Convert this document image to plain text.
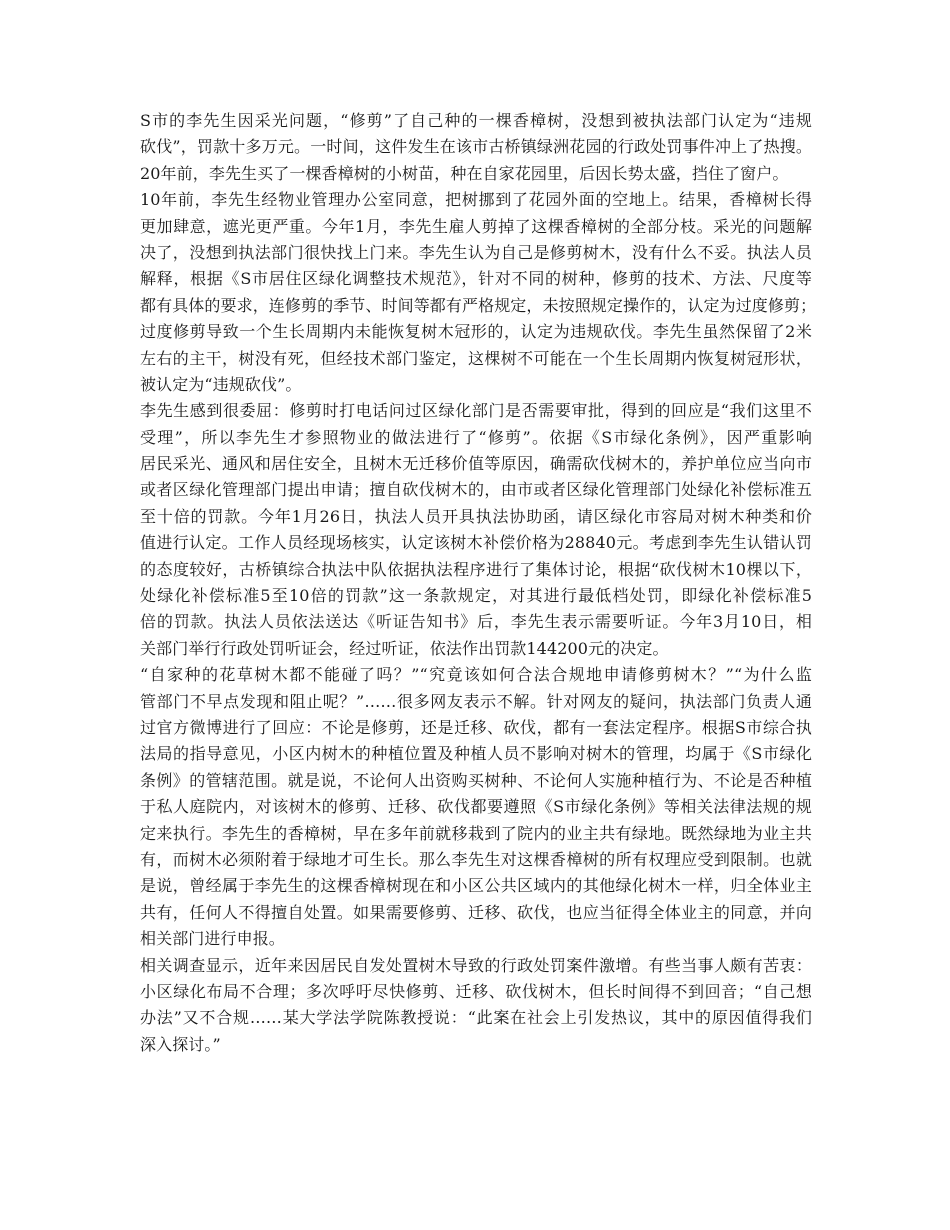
S市的李先生因采光问题，“修剪”了自己种的一棵香樟树，没想到被执法部门认定为“违规
砍伐”，罚款十多万元。一时间，这件发生在该市古桥镇绿洲花园的行政处罚事件冲上了热搜。
20年前，李先生买了一棵香樟树的小树苗，种在自家花园里，后因长势太盛，挡住了窗户。
10年前，李先生经物业管理办公室同意，把树挪到了花园外面的空地上。结果，香樟树长得
更加肆意，遮光更严重。今年1月，李先生雇人剪掉了这棵香樟树的全部分枝。采光的问题解
决了，没想到执法部门很快找上门来。李先生认为自己是修剪树木，没有什么不妥。执法人员
解释，根据《S市居住区绿化调整技术规范》，针对不同的树种，修剪的技术、方法、尺度等
都有具体的要求，连修剪的季节、时间等都有严格规定，未按照规定操作的，认定为过度修剪；
过度修剪导致一个生长周期内未能恢复树木冠形的，认定为违规砍伐。李先生虽然保留了2米
左右的主干，树没有死，但经技术部门鉴定，这棵树不可能在一个生长周期内恢复树冠形状，
被认定为“违规砍伐”。
李先生感到很委屈：修剪时打电话问过区绿化部门是否需要审批，得到的回应是“我们这里不
受理”，所以李先生才参照物业的做法进行了“修剪”。依据《S市绿化条例》，因严重影响
居民采光、通风和居住安全，且树木无迁移价值等原因，确需砍伐树木的，养护单位应当向市
或者区绿化管理部门提出申请；擅自砍伐树木的，由市或者区绿化管理部门处绿化补偿标准五
至十倍的罚款。今年1月26日，执法人员开具执法协助函，请区绿化市容局对树木种类和价
值进行认定。工作人员经现场核实，认定该树木补偿价格为28840元。考虑到李先生认错认罚
的态度较好，古桥镇综合执法中队依据执法程序进行了集体讨论，根据“砍伐树木10棵以下，
处绿化补偿标准5至10倍的罚款”这一条款规定，对其进行最低档处罚，即绿化补偿标准5
倍的罚款。执法人员依法送达《听证告知书》后，李先生表示需要听证。今年3月10日，相
关部门举行行政处罚听证会，经过听证，依法作出罚款144200元的决定。
“自家种的花草树木都不能碰了吗？”“究竟该如何合法合规地申请修剪树木？”“为什么监
管部门不早点发现和阻止呢？”……很多网友表示不解。针对网友的疑问，执法部门负责人通
过官方微博进行了回应：不论是修剪，还是迁移、砍伐，都有一套法定程序。根据S市综合执
法局的指导意见，小区内树木的种植位置及种植人员不影响对树木的管理，均属于《S市绿化
条例》的管辖范围。就是说，不论何人出资购买树种、不论何人实施种植行为、不论是否种植
于私人庭院内，对该树木的修剪、迁移、砍伐都要遵照《S市绿化条例》等相关法律法规的规
定来执行。李先生的香樟树，早在多年前就移栽到了院内的业主共有绿地。既然绿地为业主共
有，而树木必须附着于绿地才可生长。那么李先生对这棵香樟树的所有权理应受到限制。也就
是说，曾经属于李先生的这棵香樟树现在和小区公共区域内的其他绿化树木一样，归全体业主
共有，任何人不得擅自处置。如果需要修剪、迁移、砍伐，也应当征得全体业主的同意，并向
相关部门进行申报。
相关调查显示，近年来因居民自发处置树木导致的行政处罚案件激增。有些当事人颇有苦衷：
小区绿化布局不合理；多次呼吁尽快修剪、迁移、砍伐树木，但长时间得不到回音；“自己想
办法”又不合规……某大学法学院陈教授说：“此案在社会上引发热议，其中的原因值得我们
深入探讨。”
